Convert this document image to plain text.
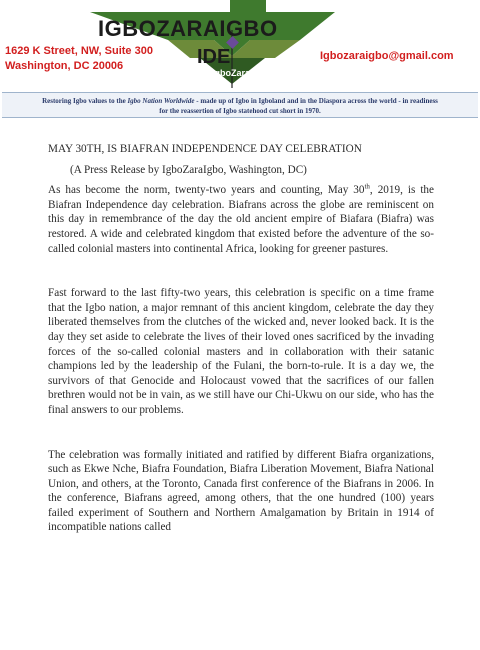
IGBOZARAIGBO
IDE
IgboZaraIgbo
1629 K Street, NW, Suite 300
Washington, DC 20006
Igbozaraigbo@gmail.com
Restoring Igbo values to the Igbo Nation Worldwide - made up of Igbo in Igboland and in the Diaspora across the world - in readiness
for the reassertion of Igbo statehood cut short in 1970.
MAY 30TH, IS BIAFRAN INDEPENDENCE DAY CELEBRATION
(A Press Release by IgboZaraIgbo, Washington, DC)

As has become the norm, twenty-two years and counting, May 30th, 2019, is the Biafran Independence day celebration. Biafrans across the globe are reminiscent on this day in remembrance of the day the old ancient empire of Biafara (Biafra) was restored. A wide and celebrated kingdom that existed before the adventure of the so-called colonial masters into continental Africa, looking for greener pastures.

Fast forward to the last fifty-two years, this celebration is specific on a time frame that the Igbo nation, a major remnant of this ancient kingdom, celebrate the day they liberated themselves from the clutches of the wicked and, never looked back. It is the day they set aside to celebrate the lives of their loved ones sacrificed by the invading forces of the so-called colonial masters and in collaboration with their satanic champions led by the leadership of the Fulani, the born-to-rule. It is a day we, the survivors of that Genocide and Holocaust vowed that the sacrifices of our fallen brethren would not be in vain, as we still have our Chi-Ukwu on our side, who has the final answers to our problems.

The celebration was formally initiated and ratified by different Biafra organizations, such as Ekwe Nche, Biafra Foundation, Biafra Liberation Movement, Biafra National Union, and others, at the Toronto, Canada first conference of the Biafrans in 2006. In the conference, Biafrans agreed, among others, that the one hundred (100) years failed experiment of Southern and Northern Amalgamation by Britain in 1914 of incompatible nations called
